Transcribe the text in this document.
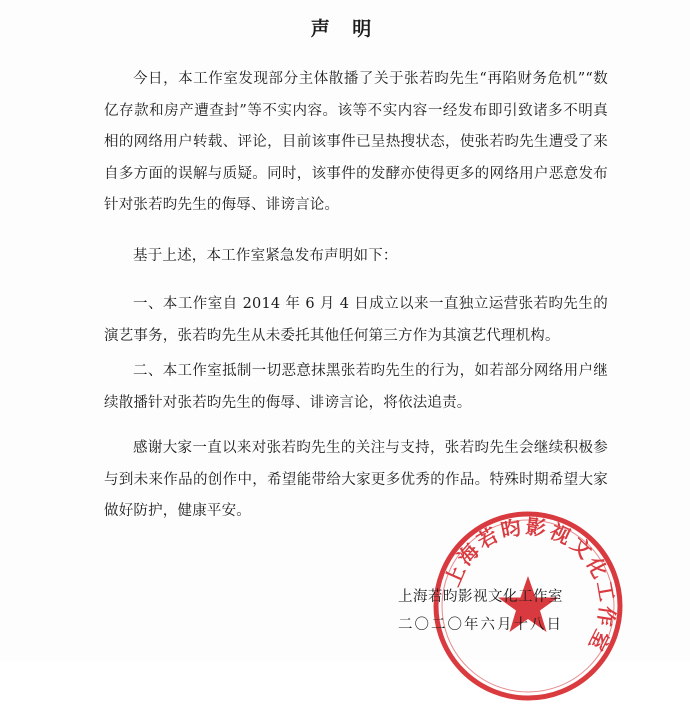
声 明
今日，本工作室发现部分主体散播了关于张若昀先生“再陷财务危机”“数亿存款和房产遭查封”等不实内容。该等不实内容一经发布即引致诸多不明真相的网络用户转载、评论，目前该事件已呈热搜状态，使张若昀先生遭受了来自多方面的误解与质疑。同时，该事件的发酵亦使得更多的网络用户恶意发布针对张若昀先生的侮辱、诽谤言论。
基于上述，本工作室紧急发布声明如下：
一、本工作室自 2014 年 6 月 4 日成立以来一直独立运营张若昀先生的演艺事务，张若昀先生从未委托其他任何第三方作为其演艺代理机构。
二、本工作室抵制一切恶意抹黑张若昀先生的行为，如若部分网络用户继续散播针对张若昀先生的侮辱、诽谤言论，将依法追责。
感谢大家一直以来对张若昀先生的关注与支持，张若昀先生会继续积极参与到未来作品的创作中，希望能带给大家更多优秀的作品。特殊时期希望大家做好防护，健康平安。
上海若昀影视文化工作室
上海若昀影视文化工作室
二〇二〇年六月十八日
